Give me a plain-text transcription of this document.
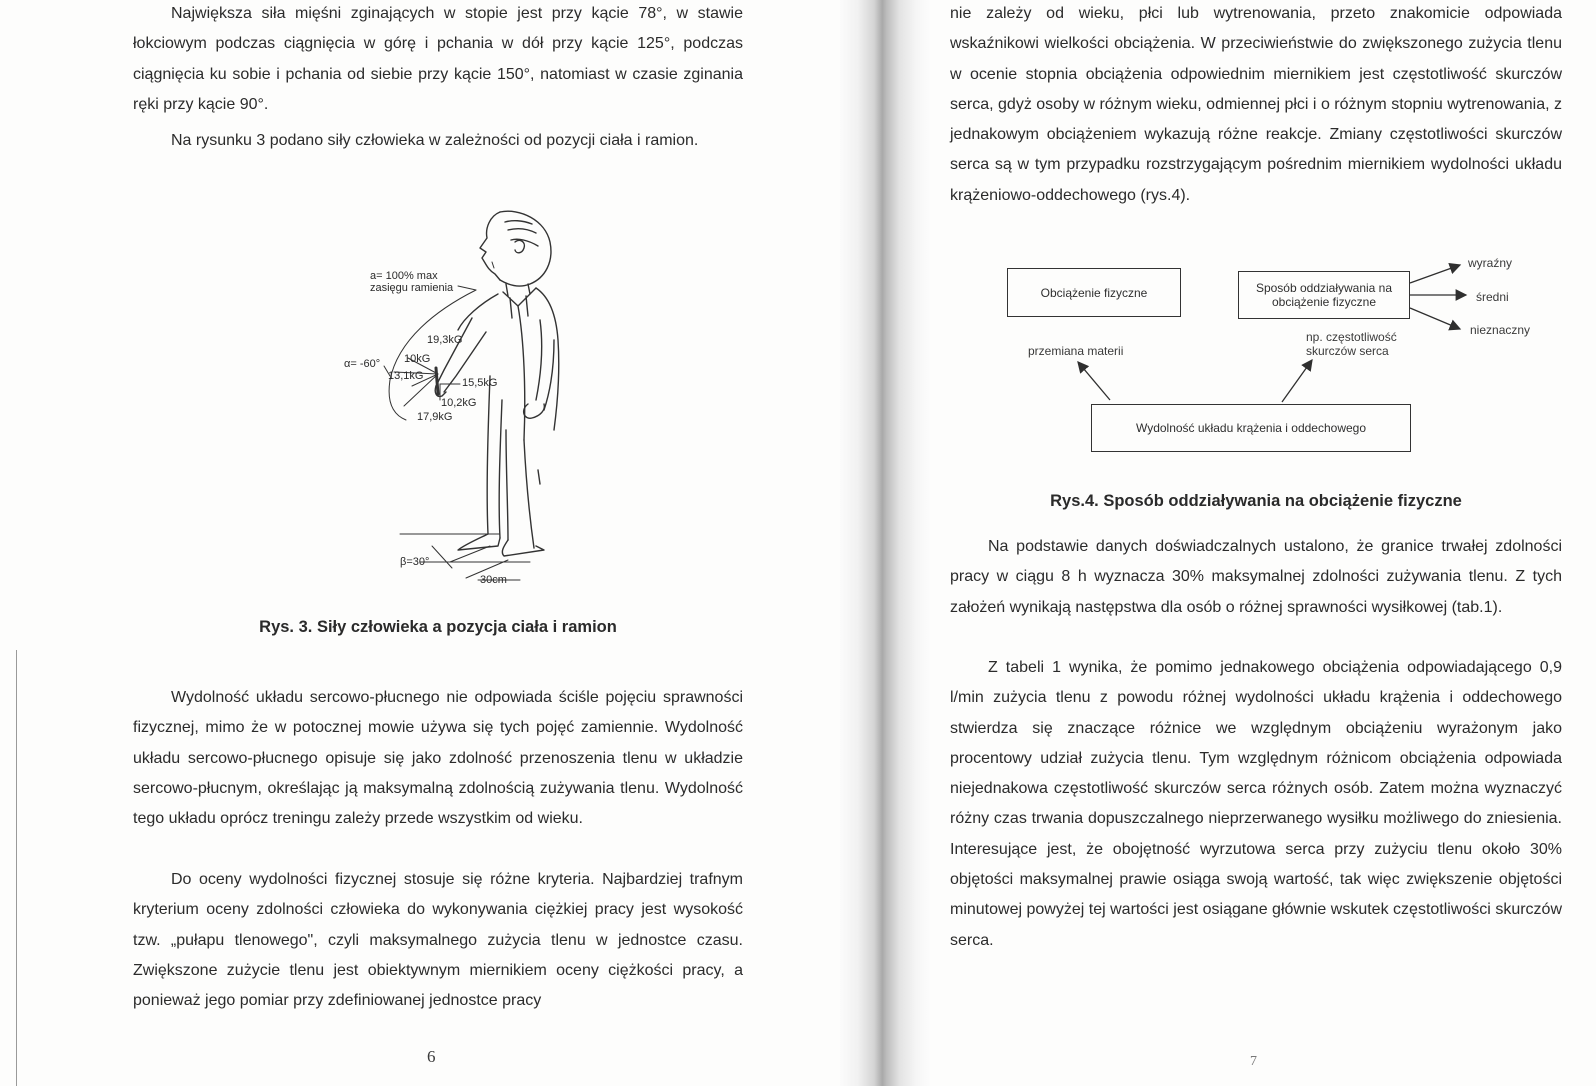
Największa siła mięśni zginających w stopie jest przy kącie 78°, w stawie łokciowym podczas ciągnięcia w górę i pchania w dół przy kącie 125°, podczas ciągnięcia ku sobie i pchania od siebie przy kącie 150°, natomiast w czasie zginania ręki przy kącie 90°.

Na rysunku 3 podano siły człowieka w zależności od pozycji ciała i ramion.

a= 100% max
zasięgu ramienia
19,3kG
α= -60° 10kG
13,1kG
15,5kG
10,2kG
17,9kG
β=30°
30cm

Rys. 3. Siły człowieka a pozycja ciała i ramion

Wydolność układu sercowo-płucnego nie odpowiada ściśle pojęciu sprawności fizycznej, mimo że w potocznej mowie używa się tych pojęć zamiennie. Wydolność układu sercowo-płucnego opisuje się jako zdolność przenoszenia tlenu w układzie sercowo-płucnym, określając ją maksymalną zdolnością zużywania tlenu. Wydolność tego układu oprócz treningu zależy przede wszystkim od wieku.

Do oceny wydolności fizycznej stosuje się różne kryteria. Najbardziej trafnym kryterium oceny zdolności człowieka do wykonywania ciężkiej pracy jest wysokość tzw. „pułapu tlenowego", czyli maksymalnego zużycia tlenu w jednostce czasu. Zwiększone zużycie tlenu jest obiektywnym miernikiem oceny ciężkości pracy, a ponieważ jego pomiar przy zdefiniowanej jednostce pracy

6

nie zależy od wieku, płci lub wytrenowania, przeto znakomicie odpowiada wskaźnikowi wielkości obciążenia. W przeciwieństwie do zwiększonego zużycia tlenu w ocenie stopnia obciążenia odpowiednim miernikiem jest częstotliwość skurczów serca, gdyż osoby w różnym wieku, odmiennej płci i o różnym stopniu wytrenowania, z jednakowym obciążeniem wykazują różne reakcje. Zmiany częstotliwości skurczów serca są w tym przypadku rozstrzygającym pośrednim miernikiem wydolności układu krążeniowo-oddechowego (rys.4).

Obciążenie fizyczne	Sposób oddziaływania na obciążenie fizyczne
Wydolność układu krążenia i oddechowego
przemiana materii
np. częstotliwość skurczów serca
wyraźny
średni
nieznaczny

Rys.4. Sposób oddziaływania na obciążenie fizyczne

Na podstawie danych doświadczalnych ustalono, że granice trwałej zdolności pracy w ciągu 8 h wyznacza 30% maksymalnej zdolności zużywania tlenu. Z tych założeń wynikają następstwa dla osób o różnej sprawności wysiłkowej (tab.1).

Z tabeli 1 wynika, że pomimo jednakowego obciążenia odpowiadającego 0,9 l/min zużycia tlenu z powodu różnej wydolności układu krążenia i oddechowego stwierdza się znaczące różnice we względnym obciążeniu wyrażonym jako procentowy udział zużycia tlenu. Tym względnym różnicom obciążenia odpowiada niejednakowa częstotliwość skurczów serca różnych osób. Zatem można wyznaczyć różny czas trwania dopuszczalnego nieprzerwanego wysiłku możliwego do zniesienia. Interesujące jest, że obojętność wyrzutowa serca przy zużyciu tlenu około 30% objętości maksymalnej prawie osiąga swoją wartość, tak więc zwiększenie objętości minutowej powyżej tej wartości jest osiągane głównie wskutek częstotliwości skurczów serca.

7
